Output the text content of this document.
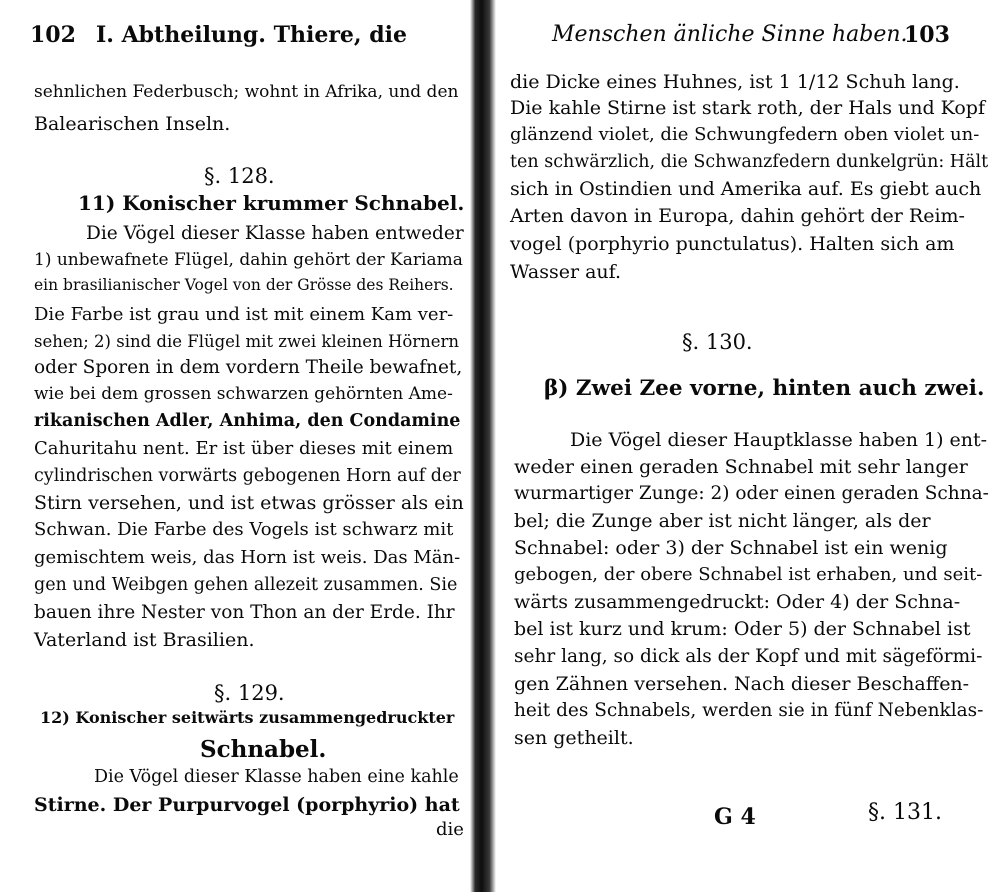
102 I. Abtheilung. Thiere, die
sehnlichen Federbusch; wohnt in Afrika, und den
Balearischen Inseln.
§. 128.
11) Konischer krummer Schnabel.
Die Vögel dieser Klasse haben entweder
1) unbewafnete Flügel, dahin gehört der Kariama
ein brasilianischer Vogel von der Grösse des Reihers.
Die Farbe ist grau und ist mit einem Kam ver-
sehen; 2) sind die Flügel mit zwei kleinen Hörnern
oder Sporen in dem vordern Theile bewafnet,
wie bei dem grossen schwarzen gehörnten Ame-
rikanischen Adler, Anhima, den Condamine
Cahuritahu nent. Er ist über dieses mit einem
cylindrischen vorwärts gebogenen Horn auf der
Stirn versehen, und ist etwas grösser als ein
Schwan. Die Farbe des Vogels ist schwarz mit
gemischtem weis, das Horn ist weis. Das Män-
gen und Weibgen gehen allezeit zusammen. Sie
bauen ihre Nester von Thon an der Erde. Ihr
Vaterland ist Brasilien.
§. 129.
12) Konischer seitwärts zusammengedruckter
Schnabel.
Die Vögel dieser Klasse haben eine kahle
Stirne. Der Purpurvogel (porphyrio) hat
die
Menschen änliche Sinne haben.
103
die Dicke eines Huhnes, ist 1 1/12 Schuh lang.
Die kahle Stirne ist stark roth, der Hals und Kopf
glänzend violet, die Schwungfedern oben violet un-
ten schwärzlich, die Schwanzfedern dunkelgrün: Hält
sich in Ostindien und Amerika auf. Es giebt auch
Arten davon in Europa, dahin gehört der Reim-
vogel (porphyrio punctulatus). Halten sich am
Wasser auf.
§. 130.
β) Zwei Zee vorne, hinten auch zwei.
Die Vögel dieser Hauptklasse haben 1) ent-
weder einen geraden Schnabel mit sehr langer
wurmartiger Zunge: 2) oder einen geraden Schna-
bel; die Zunge aber ist nicht länger, als der
Schnabel: oder 3) der Schnabel ist ein wenig
gebogen, der obere Schnabel ist erhaben, und seit-
wärts zusammengedruckt: Oder 4) der Schna-
bel ist kurz und krum: Oder 5) der Schnabel ist
sehr lang, so dick als der Kopf und mit sägeförmi-
gen Zähnen versehen. Nach dieser Beschaffen-
heit des Schnabels, werden sie in fünf Nebenklas-
sen getheilt.
G 4	§. 131.
